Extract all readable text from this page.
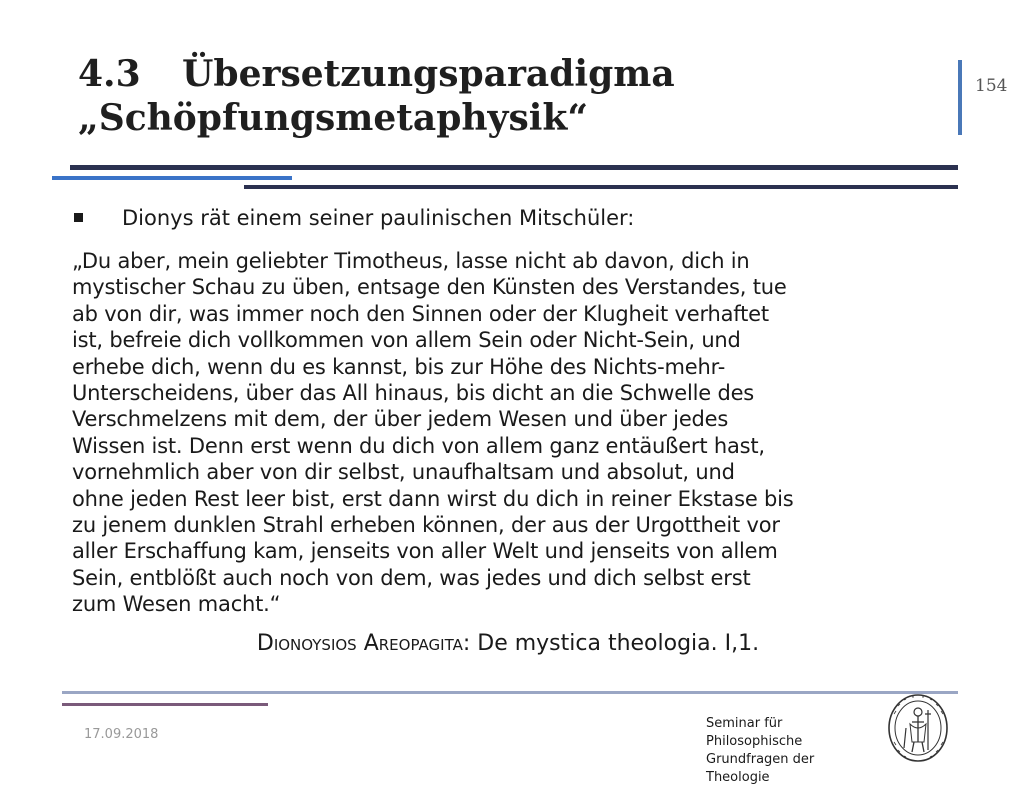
4.3 Übersetzungsparadigma
„Schöpfungsmetaphysik“
154
Dionys rät einem seiner paulinischen Mitschüler:
„Du aber, mein geliebter Timotheus, lasse nicht ab davon, dich in
mystischer Schau zu üben, entsage den Künsten des Verstandes, tue
ab von dir, was immer noch den Sinnen oder der Klugheit verhaftet
ist, befreie dich vollkommen von allem Sein oder Nicht-Sein, und
erhebe dich, wenn du es kannst, bis zur Höhe des Nichts-mehr-
Unterscheidens, über das All hinaus, bis dicht an die Schwelle des
Verschmelzens mit dem, der über jedem Wesen und über jedes
Wissen ist. Denn erst wenn du dich von allem ganz entäußert hast,
vornehmlich aber von dir selbst, unaufhaltsam und absolut, und
ohne jeden Rest leer bist, erst dann wirst du dich in reiner Ekstase bis
zu jenem dunklen Strahl erheben können, der aus der Urgottheit vor
aller Erschaffung kam, jenseits von aller Welt und jenseits von allem
Sein, entblößt auch noch von dem, was jedes und dich selbst erst
zum Wesen macht.“
Dionoysios Areopagita: De mystica theologia. I,1.
17.09.2018
Seminar für Philosophische
Grundfragen der Theologie
